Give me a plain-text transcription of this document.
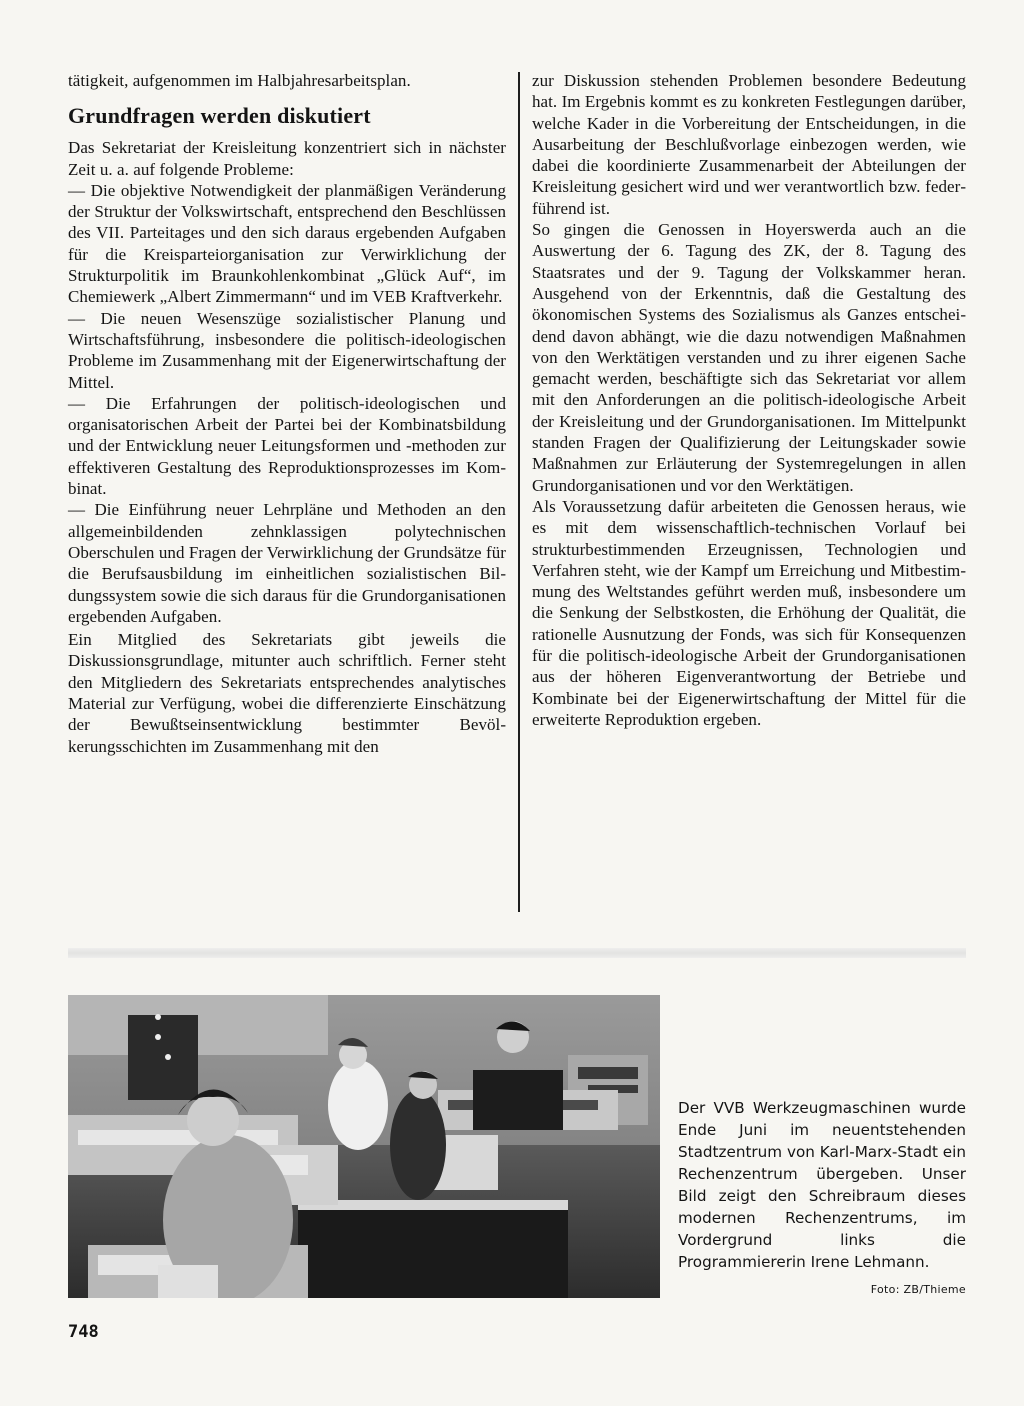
tätigkeit, aufgenommen im Halbjahresarbeitsplan.

Grundfragen werden diskutiert

Das Sekretariat der Kreisleitung konzentriert sich in nächster Zeit u. a. auf folgende Probleme:

— Die objektive Notwendigkeit der planmäßigen Veränderung der Struktur der Volkswirtschaft, entsprechend den Beschlüssen des VII. Parteitages und den sich daraus ergebenden Aufgaben für die Kreisparteiorganisation zur Verwirklichung der Strukturpolitik im Braunkohlenkombinat „Glück Auf“, im Chemiewerk „Albert Zimmermann“ und im VEB Kraftverkehr.

— Die neuen Wesenszüge sozialistischer Planung und Wirtschaftsführung, insbesondere die politisch-ideologischen Probleme im Zusammenhang mit der Eigenerwirtschaftung der Mittel.

— Die Erfahrungen der politisch-ideologischen und organisatorischen Arbeit der Partei bei der Kombinatsbildung und der Entwicklung neuer Leitungsformen und -methoden zur effektiveren Gestaltung des Reproduktionsprozesses im Kombinat.

— Die Einführung neuer Lehrpläne und Methoden an den allgemeinbildenden zehnklassigen polytechnischen Oberschulen und Fragen der Verwirklichung der Grundsätze für die Berufsausbildung im einheitlichen sozialistischen Bildungssystem sowie die sich daraus für die Grundorganisationen ergebenden Aufgaben.

Ein Mitglied des Sekretariats gibt jeweils die Diskussionsgrundlage, mitunter auch schriftlich. Ferner steht den Mitgliedern des Sekretariats entsprechendes analytisches Material zur Verfügung, wobei die differenzierte Einschätzung der Bewußtseinsentwicklung bestimmter Bevölkerungsschichten im Zusammenhang mit den

zur Diskussion stehenden Problemen besondere Bedeutung hat. Im Ergebnis kommt es zu konkreten Festlegungen darüber, welche Kader in die Vorbereitung der Entscheidungen, in die Ausarbeitung der Beschlußvorlage einbezogen werden, wie dabei die koordinierte Zusammenarbeit der Abteilungen der Kreisleitung gesichert wird und wer verantwortlich bzw. federführend ist.

So gingen die Genossen in Hoyerswerda auch an die Auswertung der 6. Tagung des ZK, der 8. Tagung des Staatsrates und der 9. Tagung der Volkskammer heran. Ausgehend von der Erkenntnis, daß die Gestaltung des ökonomischen Systems des Sozialismus als Ganzes entscheidend davon abhängt, wie die dazu notwendigen Maßnahmen von den Werktätigen verstanden und zu ihrer eigenen Sache gemacht werden, beschäftigte sich das Sekretariat vor allem mit den Anforderungen an die politisch-ideologische Arbeit der Kreisleitung und der Grundorganisationen. Im Mittelpunkt standen Fragen der Qualifizierung der Leitungskader sowie Maßnahmen zur Erläuterung der Systemregelungen in allen Grundorganisationen und vor den Werktätigen.

Als Voraussetzung dafür arbeiteten die Genossen heraus, wie es mit dem wissenschaftlich-technischen Vorlauf bei strukturbestimmenden Erzeugnissen, Technologien und Verfahren steht, wie der Kampf um Erreichung und Mitbestimmung des Weltstandes geführt werden muß, insbesondere um die Senkung der Selbstkosten, die Erhöhung der Qualität, die rationelle Ausnutzung der Fonds, was sich für Konsequenzen für die politisch-ideologische Arbeit der Grundorganisationen aus der höheren Eigenverantwortung der Betriebe und Kombinate bei der Eigenerwirtschaftung der Mittel für die erweiterte Reproduktion ergeben.

Der VVB Werkzeugmaschinen wurde Ende Juni im neuentstehenden Stadtzentrum von Karl-Marx-Stadt ein Rechenzentrum übergeben. Unser Bild zeigt den Schreibraum dieses modernen Rechenzentrums, im Vordergrund links die Programmiererin Irene Lehmann.

Foto: ZB/Thieme

748
